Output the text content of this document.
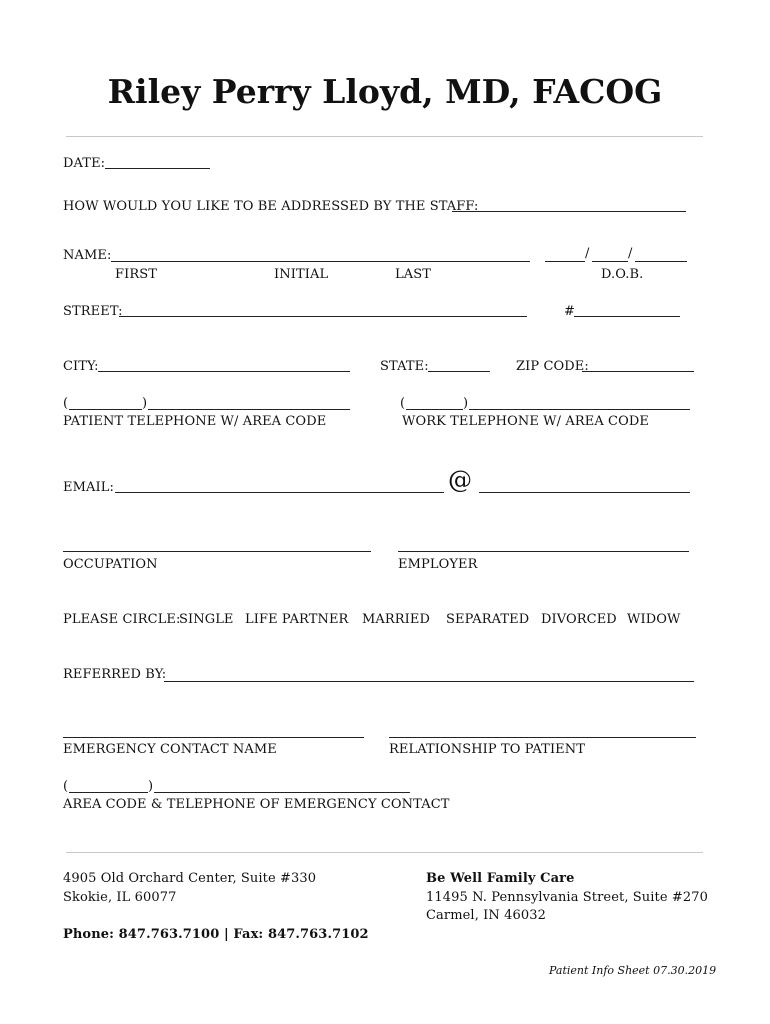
Riley Perry Lloyd, MD, FACOG
DATE:
HOW WOULD YOU LIKE TO BE ADDRESSED BY THE STAFF:
NAME:
FIRST	INITIAL	LAST
/	/
D.O.B.
STREET:	#
CITY:	STATE:	ZIP CODE:
(	)
PATIENT TELEPHONE W/ AREA CODE
(	)
WORK TELEPHONE W/ AREA CODE
EMAIL:	@
OCCUPATION	EMPLOYER
PLEASE CIRCLE:
SINGLE LIFE PARTNER MARRIED SEPARATED DIVORCED WIDOW
REFERRED BY:
EMERGENCY CONTACT NAME	RELATIONSHIP TO PATIENT
(	)
AREA CODE & TELEPHONE OF EMERGENCY CONTACT
4905 Old Orchard Center, Suite #330
Skokie, IL 60077
Phone: 847.763.7100 | Fax: 847.763.7102
Be Well Family Care
11495 N. Pennsylvania Street, Suite #270
Carmel, IN 46032
Patient Info Sheet 07.30.2019
